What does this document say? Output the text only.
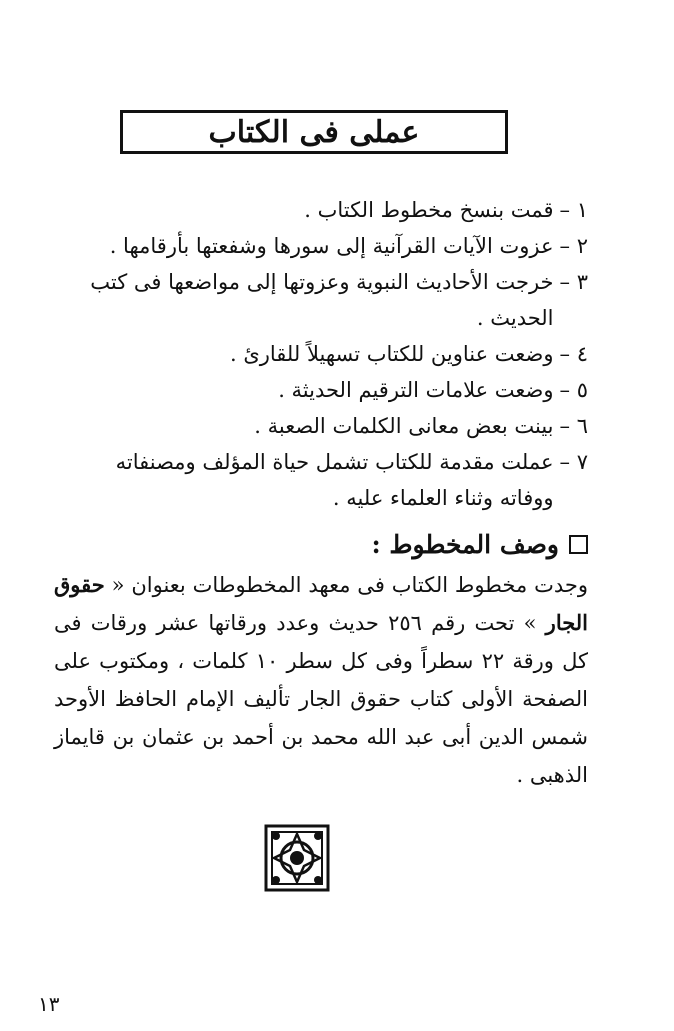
عملى فى الكتاب
١ –
قمت بنسخ مخطوط الكتاب .
٢ –
عزوت الآيات القرآنية إلى سورها وشفعتها بأرقامها .
٣ –
خرجت الأحاديث النبوية وعزوتها إلى مواضعها فى كتب الحديث .
٤ –
وضعت عناوين للكتاب تسهيلاً للقارئ .
٥ –
وضعت علامات الترقيم الحديثة .
٦ –
بينت بعض معانى الكلمات الصعبة .
٧ –
عملت مقدمة للكتاب تشمل حياة المؤلف ومصنفاته ووفاته وثناء العلماء عليه .
وصف المخطوط :

وجدت مخطوط الكتاب فى معهد المخطوطات بعنوان « حقوق الجار » تحت رقم ٢٥٦ حديث وعدد ورقاتها عشر ورقات فى كل ورقة ٢٢ سطراً وفى كل سطر ١٠ كلمات ، ومكتوب على الصفحة الأولى كتاب حقوق الجار تأليف الإمام الحافظ الأوحد شمس الدين أبى عبد الله محمد بن أحمد بن عثمان بن قايماز الذهبى .

١٣
